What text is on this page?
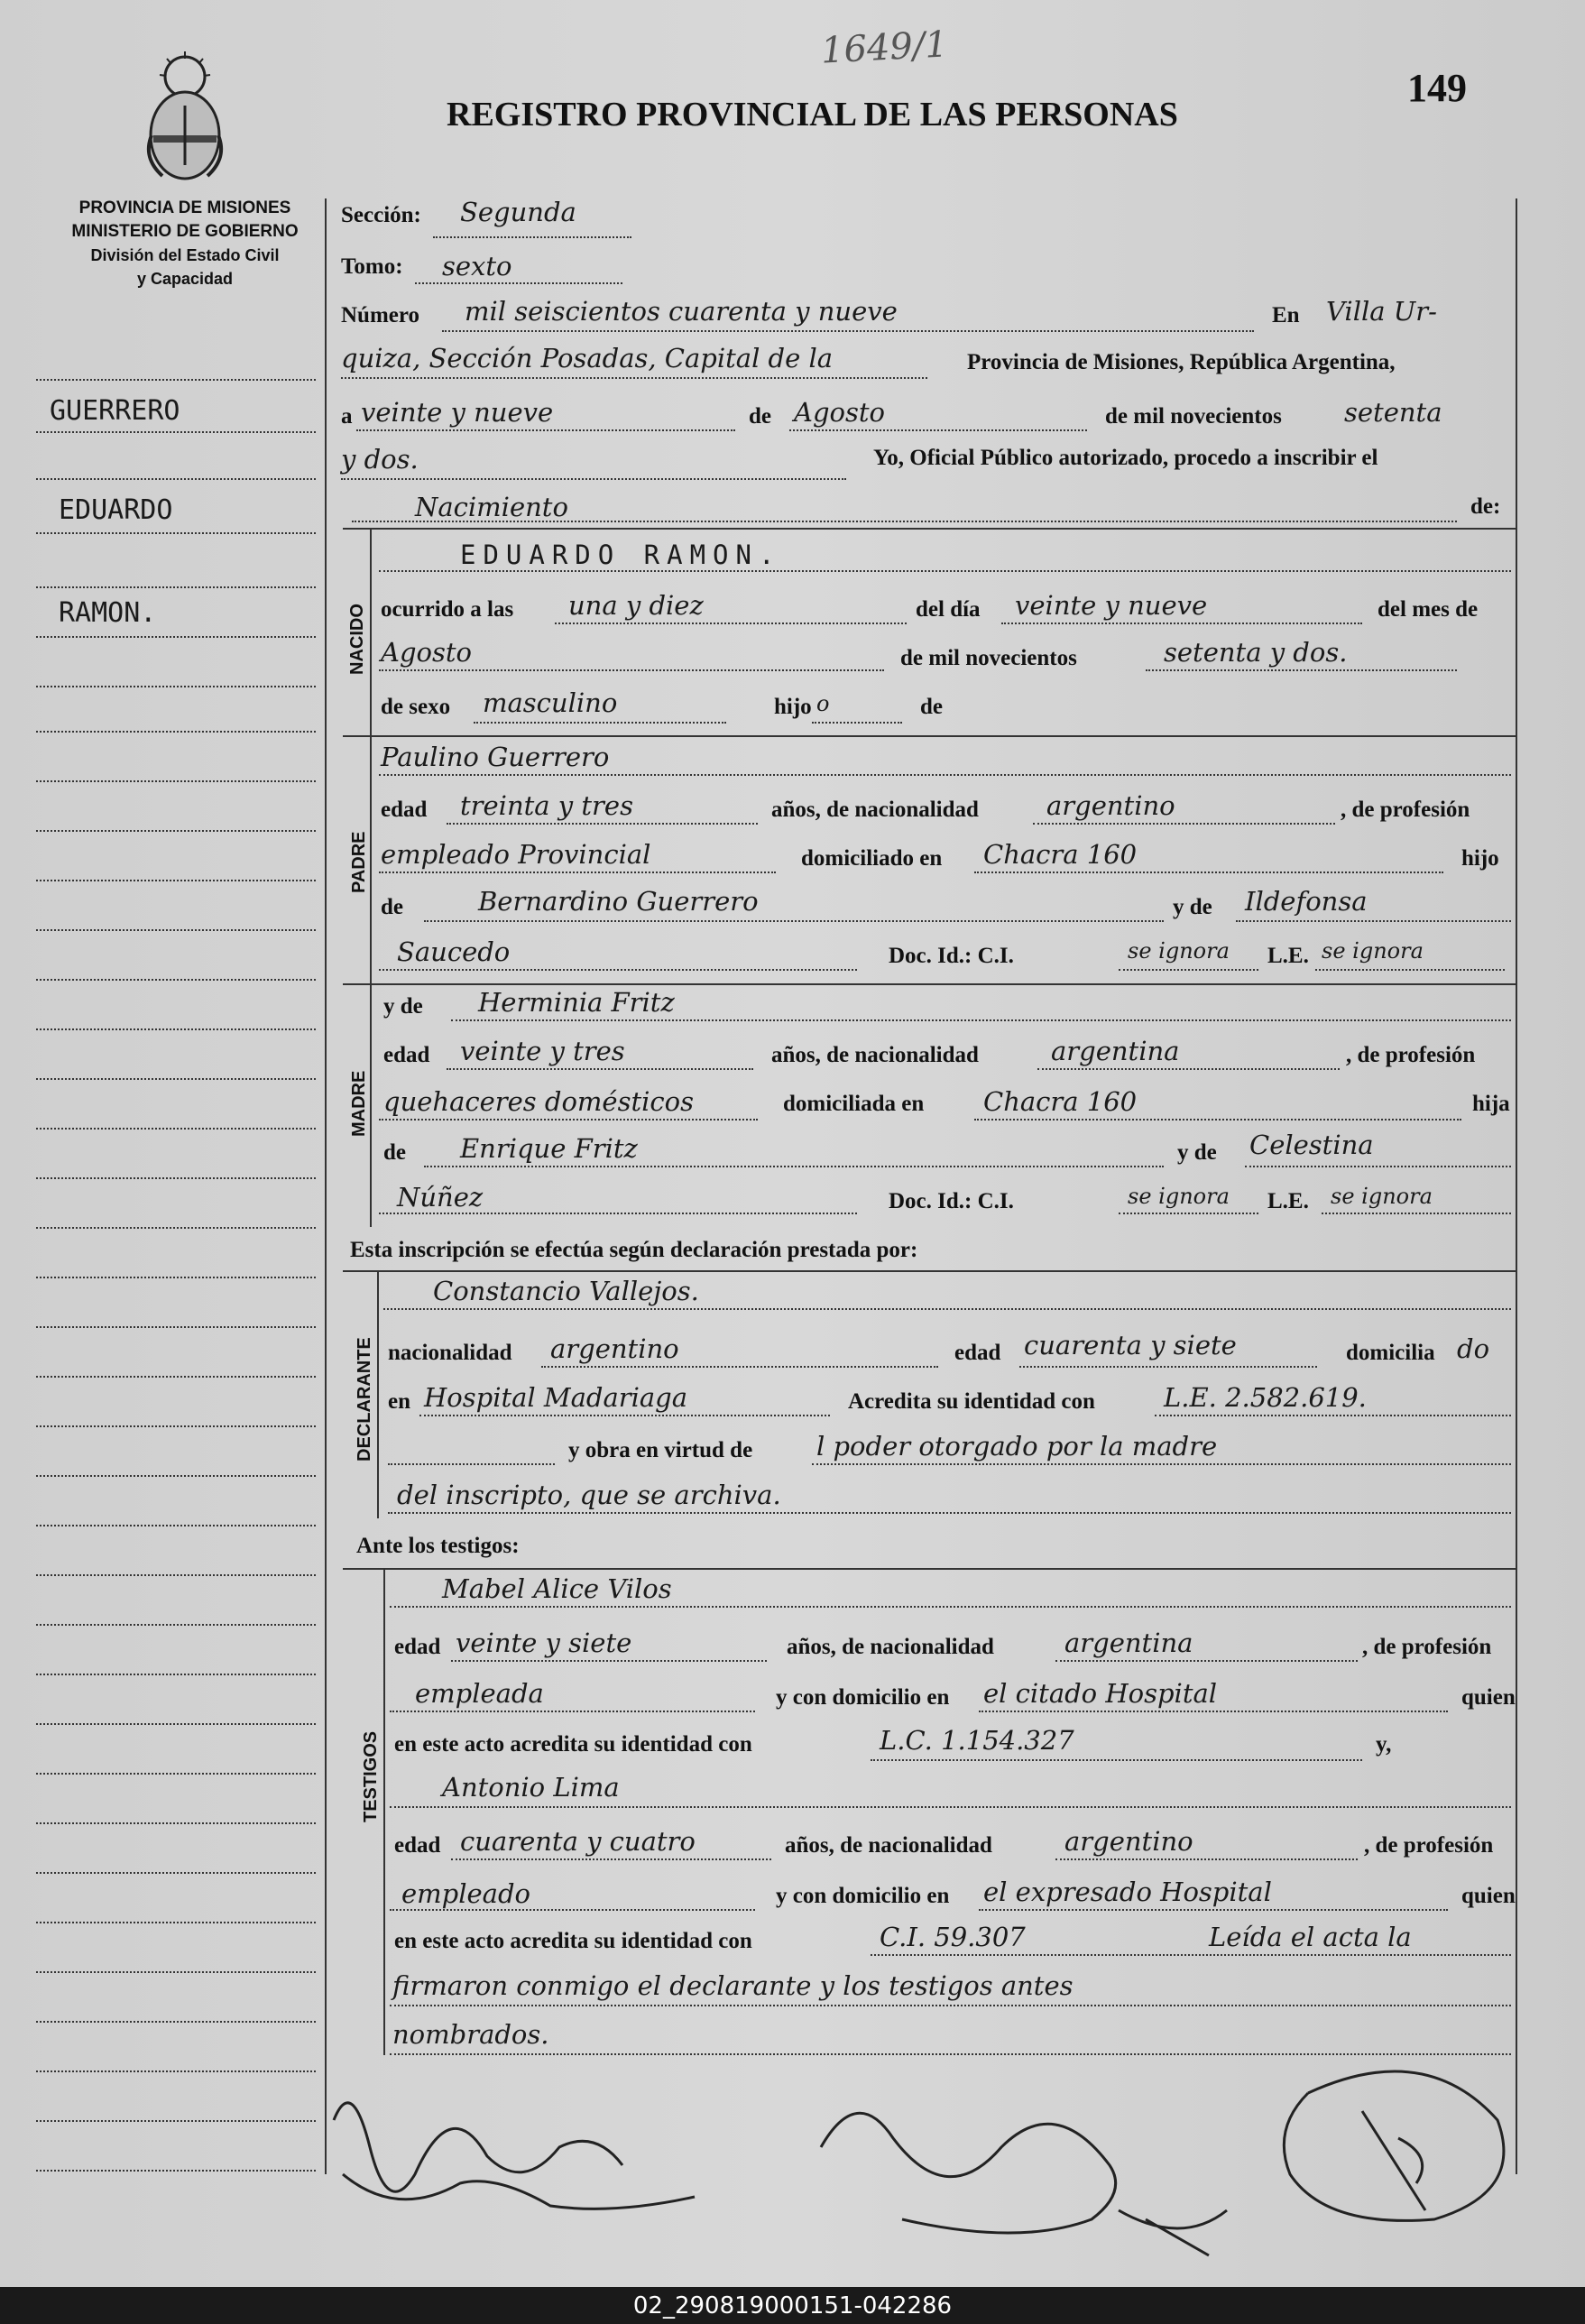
PROVINCIA DE MISIONES
MINISTERIO DE GOBIERNO
División del Estado Civil
y Capacidad
REGISTRO PROVINCIAL DE LAS PERSONAS
1649/1
149
GUERRERO
EDUARDO
RAMON.
Sección: Segunda
Tomo: sexto
Número mil seiscientos cuarenta y nueve	En Villa Ur-
quiza, Sección Posadas, Capital de la	Provincia de Misiones, República Argentina,
a veinte y nueve	de Agosto	de mil novecientos setenta
y dos.	Yo, Oficial Público autorizado, procedo a inscribir el
Nacimiento	de:
NACIDO
EDUARDO RAMON.
ocurrido a las una y diez	del día veinte y nueve	del mes de
Agosto	de mil novecientos	setenta y dos.
de sexo masculino	hijo o	de
PADRE
Paulino Guerrero
edad treinta y tres	años, de nacionalidad	argentino	, de profesión
empleado Provincial	domiciliado en Chacra 160	hijo
de	Bernardino Guerrero	y de Ildefonsa
Saucedo	Doc. Id.: C.I.	se ignora L.E. se ignora
MADRE
y de Herminia Fritz
edad veinte y tres	años, de nacionalidad	argentina	, de profesión
quehaceres domésticos	domiciliada en Chacra 160	hija
de Enrique Fritz	y de Celestina
Núñez	Doc. Id.: C.I.	se ignora L.E. se ignora
Esta inscripción se efectúa según declaración prestada por:
DECLARANTE
Constancio Vallejos.
nacionalidad argentino	edad cuarenta y siete	domicilia do
en Hospital Madariaga	Acredita su identidad con	L.E. 2.582.619.
y obra en virtud de l poder otorgado por la madre
del inscripto, que se archiva.
Ante los testigos:
TESTIGOS
Mabel Alice Vilos
edad veinte y siete	años, de nacionalidad	argentina	, de profesión
empleada	y con domicilio en el citado Hospital	quien
en este acto acredita su identidad con	L.C. 1.154.327	y,
Antonio Lima
edad cuarenta y cuatro	años, de nacionalidad	argentino	, de profesión
empleado	y con domicilio en el expresado Hospital	quien
en este acto acredita su identidad con	C.I. 59.307	Leída el acta la
firmaron conmigo el declarante y los testigos antes
nombrados.
02_290819000151-042286
